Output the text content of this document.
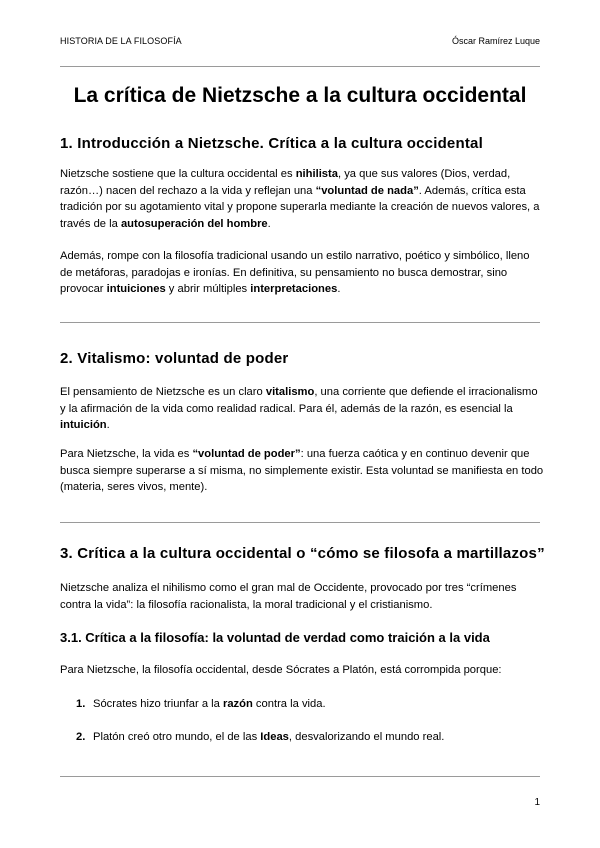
HISTORIA DE LA FILOSOFÍA	Óscar Ramírez Luque
La crítica de Nietzsche a la cultura occidental
1. Introducción a Nietzsche. Crítica a la cultura occidental

Nietzsche sostiene que la cultura occidental es nihilista, ya que sus valores (Dios, verdad, razón…) nacen del rechazo a la vida y reflejan una “voluntad de nada”. Además, crítica esta tradición por su agotamiento vital y propone superarla mediante la creación de nuevos valores, a través de la autosuperación del hombre.

Además, rompe con la filosofía tradicional usando un estilo narrativo, poético y simbólico, lleno de metáforas, paradojas e ironías. En definitiva, su pensamiento no busca demostrar, sino provocar intuiciones y abrir múltiples interpretaciones.

2. Vitalismo: voluntad de poder

El pensamiento de Nietzsche es un claro vitalismo, una corriente que defiende el irracionalismo y la afirmación de la vida como realidad radical. Para él, además de la razón, es esencial la intuición.

Para Nietzsche, la vida es “voluntad de poder”: una fuerza caótica y en continuo devenir que busca siempre superarse a sí misma, no simplemente existir. Esta voluntad se manifiesta en todo (materia, seres vivos, mente).

3. Crítica a la cultura occidental o “cómo se filosofa a martillazos”

Nietzsche analiza el nihilismo como el gran mal de Occidente, provocado por tres “crímenes contra la vida”: la filosofía racionalista, la moral tradicional y el cristianismo.

3.1. Crítica a la filosofía: la voluntad de verdad como traición a la vida

Para Nietzsche, la filosofía occidental, desde Sócrates a Platón, está corrompida porque:

1. Sócrates hizo triunfar a la razón contra la vida.
2. Platón creó otro mundo, el de las Ideas, desvalorizando el mundo real.
1
